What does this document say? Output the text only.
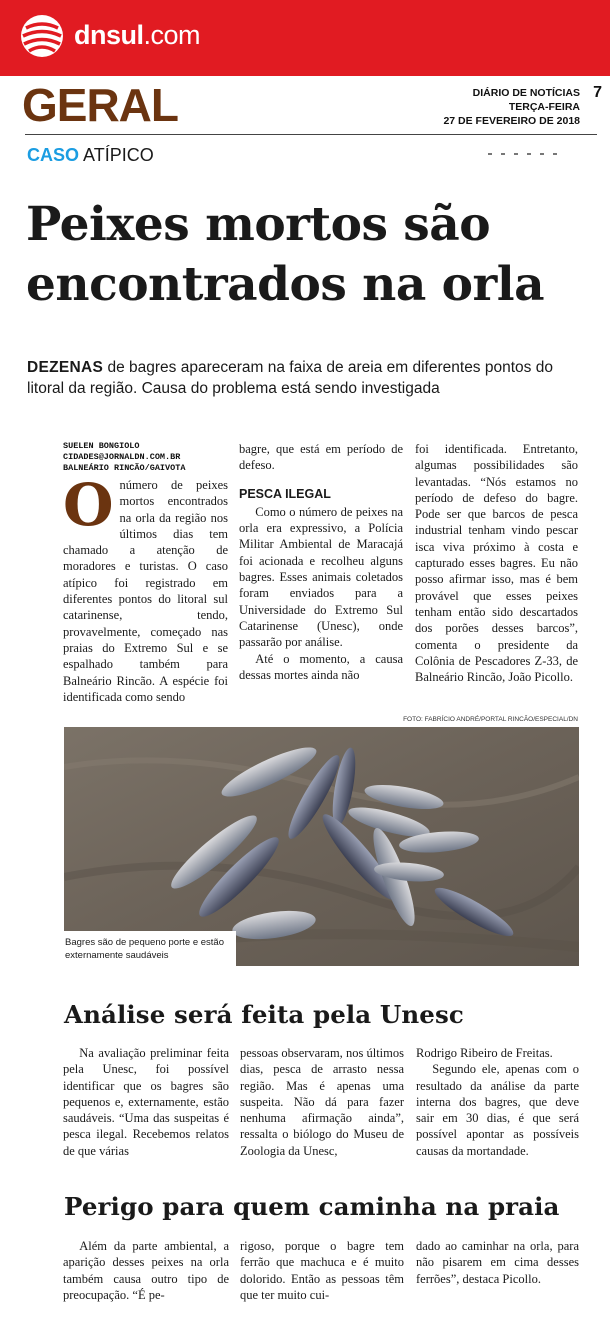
dnsul.com
GERAL	DIÁRIO DE NOTÍCIAS
TERÇA-FEIRA
27 DE FEVEREIRO DE 2018
7
CASO ATÍPICO
Peixes mortos são encontrados na orla
DEZENAS de bagres apareceram na faixa de areia em diferentes pontos do litoral da região. Causa do problema está sendo investigada
SUELEN BONGIOLO
CIDADES@JORNALDN.COM.BR
BALNEÁRIO RINCÃO/GAIVOTA
O número de peixes mortos encontrados na orla da região nos últimos dias tem chamado a atenção de moradores e turistas. O caso atípico foi registrado em diferentes pontos do litoral sul catarinense, tendo, provavelmente, começado nas praias do Extremo Sul e se espalhado também para Balneário Rincão. A espécie foi identificada como sendo

bagre, que está em período de defeso.

PESCA ILEGAL

Como o número de peixes na orla era expressivo, a Polícia Militar Ambiental de Maracajá foi acionada e recolheu alguns bagres. Esses animais coletados foram enviados para a Universidade do Extremo Sul Catarinense (Unesc), onde passarão por análise.

Até o momento, a causa dessas mortes ainda não

foi identificada. Entretanto, algumas possibilidades são levantadas. “Nós estamos no período de defeso do bagre. Pode ser que barcos de pesca industrial tenham vindo pescar isca viva próximo à costa e capturado esses bagres. Eu não posso afirmar isso, mas é bem provável que esses peixes tenham então sido descartados dos porões desses barcos”, comenta o presidente da Colônia de Pescadores Z-33, de Balneário Rincão, João Picollo.

FOTO: FABRÍCIO ANDRÉ/PORTAL RINCÃO/ESPECIAL/DN
Bagres são de pequeno porte e estão externamente saudáveis
Análise será feita pela Unesc

Na avaliação preliminar feita pela Unesc, foi possível identificar que os bagres são pequenos e, externamente, estão saudáveis. “Uma das suspeitas é pesca ilegal. Recebemos relatos de que várias

pessoas observaram, nos últimos dias, pesca de arrasto nessa região. Mas é apenas uma suspeita. Não dá para fazer nenhuma afirmação ainda”, ressalta o biólogo do Museu de Zoologia da Unesc,

Rodrigo Ribeiro de Freitas.

Segundo ele, apenas com o resultado da análise da parte interna dos bagres, que deve sair em 30 dias, é que será possível apontar as possíveis causas da mortandade.

Perigo para quem caminha na praia

Além da parte ambiental, a aparição desses peixes na orla também causa outro tipo de preocupação. “É pe-

rigoso, porque o bagre tem ferrão que machuca e é muito dolorido. Então as pessoas têm que ter muito cui-

dado ao caminhar na orla, para não pisarem em cima desses ferrões”, destaca Picollo.
